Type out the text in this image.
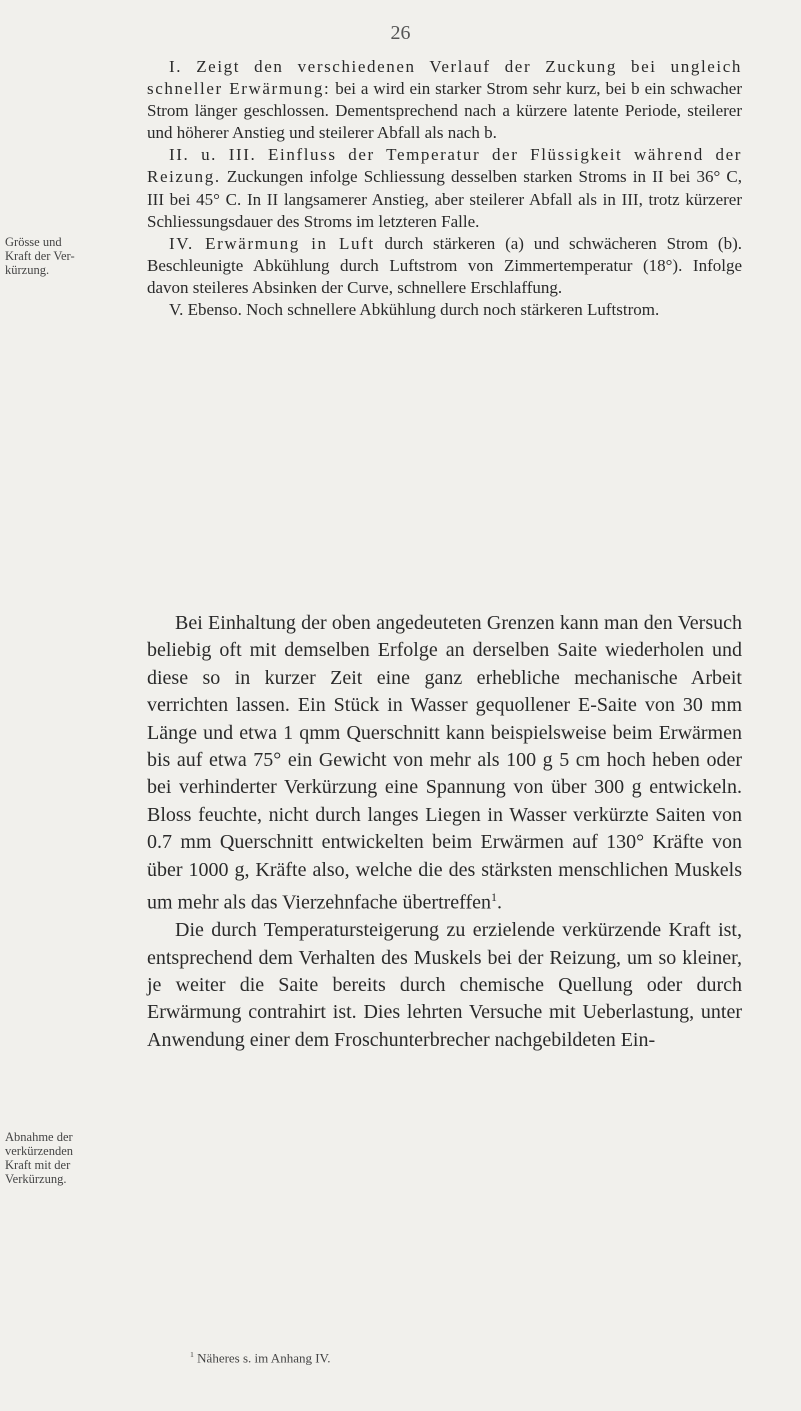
26
Grösse und
Kraft der Ver-
kürzung.
Abnahme der
verkürzenden
Kraft mit der
Verkürzung.

I. Zeigt den verschiedenen Verlauf der Zuckung bei ungleich schneller Erwärmung: bei a wird ein starker Strom sehr kurz, bei b ein schwacher Strom länger geschlossen. Dementsprechend nach a kürzere latente Periode, steilerer und höherer Anstieg und steilerer Abfall als nach b.

II. u. III. Einfluss der Temperatur der Flüssigkeit während der Reizung. Zuckungen infolge Schliessung desselben starken Stroms in II bei 36° C, III bei 45° C. In II langsamerer Anstieg, aber steilerer Abfall als in III, trotz kürzerer Schliessungsdauer des Stroms im letzteren Falle.

IV. Erwärmung in Luft durch stärkeren (a) und schwächeren Strom (b). Beschleunigte Abkühlung durch Luftstrom von Zimmertemperatur (18°). Infolge davon steileres Absinken der Curve, schnellere Erschlaffung.

V. Ebenso. Noch schnellere Abkühlung durch noch stärkeren Luftstrom.

Bei Einhaltung der oben angedeuteten Grenzen kann man den Versuch beliebig oft mit demselben Erfolge an derselben Saite wiederholen und diese so in kurzer Zeit eine ganz erhebliche mechanische Arbeit verrichten lassen. Ein Stück in Wasser gequollener E-Saite von 30 mm Länge und etwa 1 qmm Querschnitt kann beispielsweise beim Erwärmen bis auf etwa 75° ein Gewicht von mehr als 100 g 5 cm hoch heben oder bei verhinderter Verkürzung eine Spannung von über 300 g entwickeln. Bloss feuchte, nicht durch langes Liegen in Wasser verkürzte Saiten von 0.7 mm Querschnitt entwickelten beim Erwärmen auf 130° Kräfte von über 1000 g, Kräfte also, welche die des stärksten menschlichen Muskels um mehr als das Vierzehnfache übertreffen$^1$.

Die durch Temperatursteigerung zu erzielende verkürzende Kraft ist, entsprechend dem Verhalten des Muskels bei der Reizung, um so kleiner, je weiter die Saite bereits durch chemische Quellung oder durch Erwärmung contrahirt ist. Dies lehrten Versuche mit Ueberlastung, unter Anwendung einer dem Froschunterbrecher nachgebildeten Ein-

$^1$ Näheres s. im Anhang IV.
